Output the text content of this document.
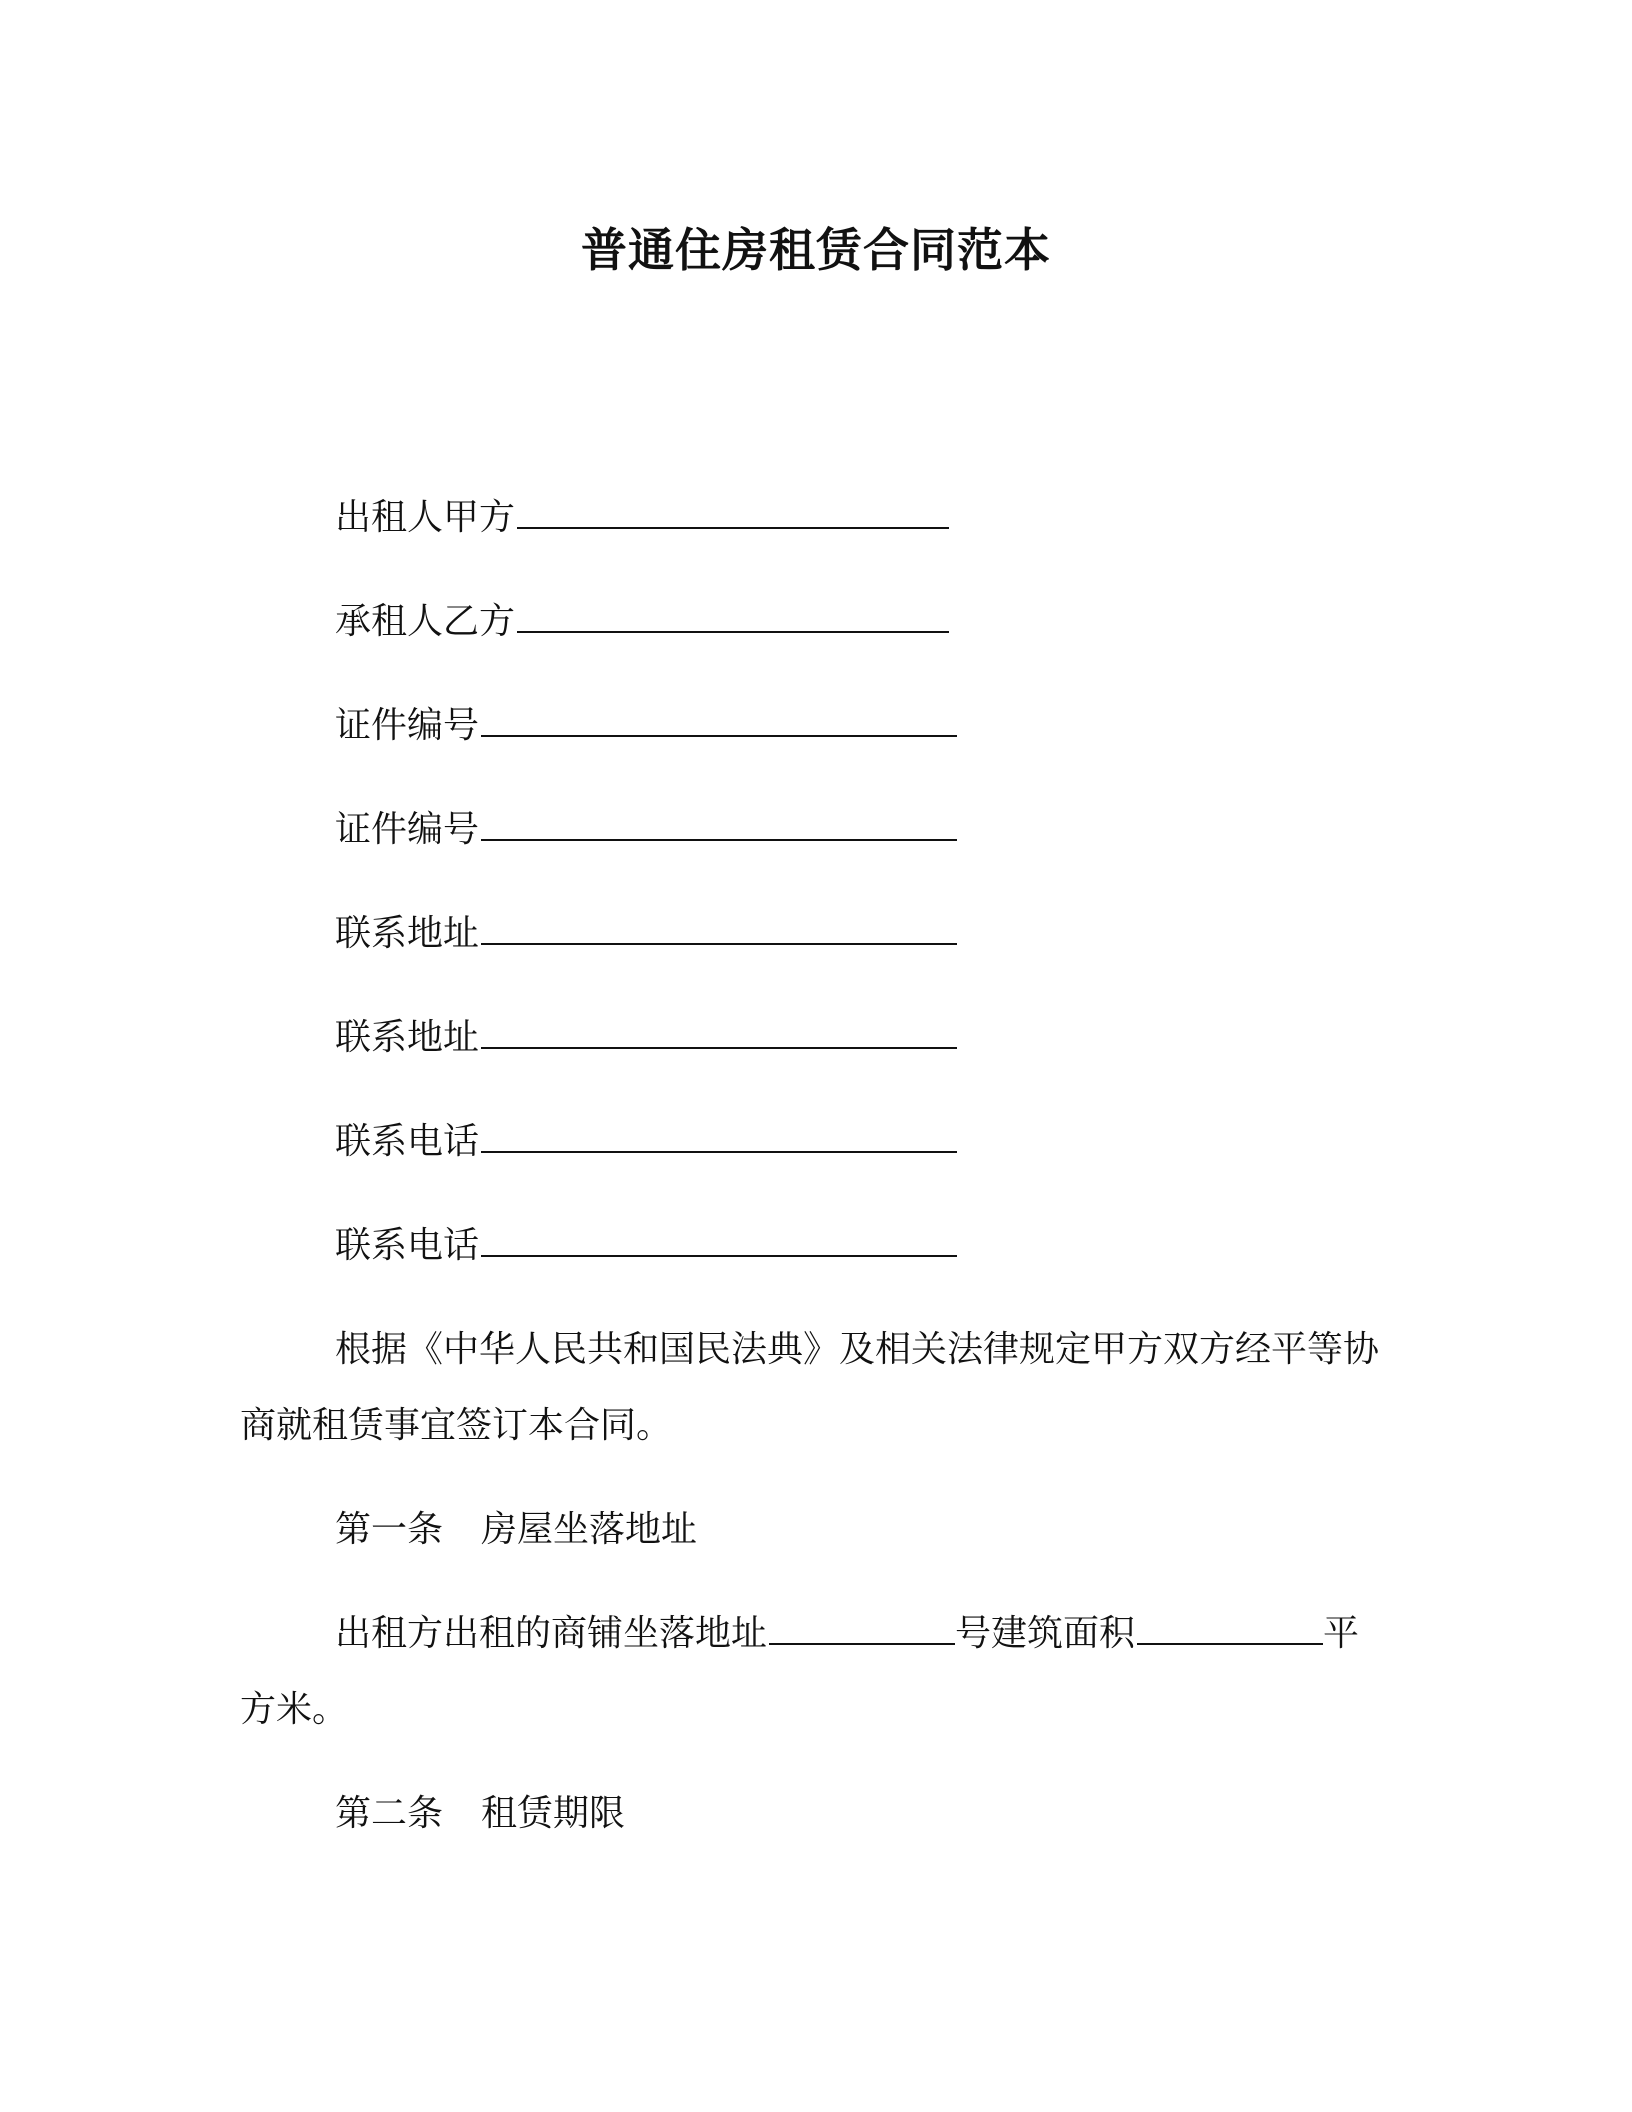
普通住房租赁合同范本
出租人甲方
承租人乙方
证件编号
证件编号
联系地址
联系地址
联系电话
联系电话
根据《中华人民共和国民法典》及相关法律规定甲方双方经平等协商就租赁事宜签订本合同。
第一条 房屋坐落地址
出租方出租的商铺坐落地址	号建筑面积	平方米。
第二条 租赁期限
